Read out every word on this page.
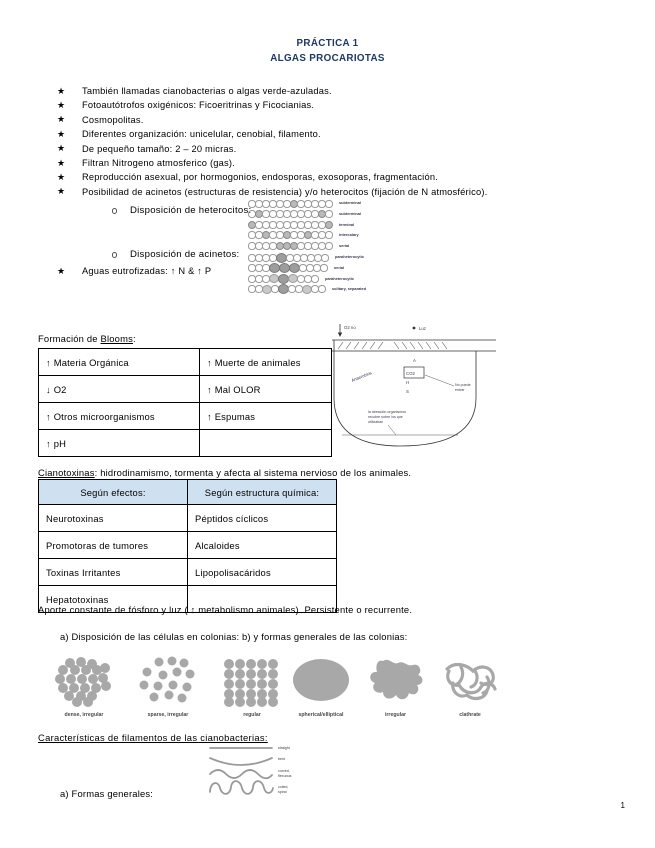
PRÁCTICA 1
ALGAS PROCARIOTAS
★ También llamadas cianobacterias o algas verde-azuladas.
★ Fotoautótrofos oxigénicos: Ficoeritrinas y Ficocianias.
★ Cosmopolitas.
★ Diferentes organización: unicelular, cenobial, filamento.
★ De pequeño tamaño: 2 – 20 micras.
★ Filtran Nitrogeno atmosferico (gas).
★ Reproducción asexual, por hormogonios, endosporas, exosoporas, fragmentación.
★ Posibilidad de acinetos (estructuras de resistencia) y/o heterocitos (fijación de N atmosférico).
subterminal
subterminal
terminal
intercalary
serial
Disposición de heterocitos:
paraheterocytic
serial
paraheterocytic
solitary, separated
Disposición de acinetos:
★ Aguas eutrofizadas: ↑ N & ↑ P
Formación de Blooms:
↑ Materia Orgánica	↑ Muerte de animales
↓ O2	↑ Mal OLOR
↑ Otros microorganismos	↑ Espumas
↑ pH	
O2 no	Luz
A
Anaerobios	CO2
H
S
No puede
entrar
la aireación organismos
recubre sobre los que
utilizaban
Cianotoxinas: hidrodinamismo, tormenta y afecta al sistema nervioso de los animales.
Según efectos:	Según estructura química:
Neurotoxinas	Péptidos cíclicos
Promotoras de tumores	Alcaloides
Toxinas Irritantes	Lipopolisacáridos
Hepatotoxinas	
Aporte constante de fósforo y luz ( ↑ metabolismo animales). Persistente o recurrente.
a) Disposición de las células en colonias: b) y formas generales de las colonias:
dense, irregular	sparse, irregular	regular	spherical/elliptical	irregular	clathrate
Características de filamentos de las cianobacterias:
a) Formas generales:
straight
bent
curved,
flexuous
coiled,
spiral
1
